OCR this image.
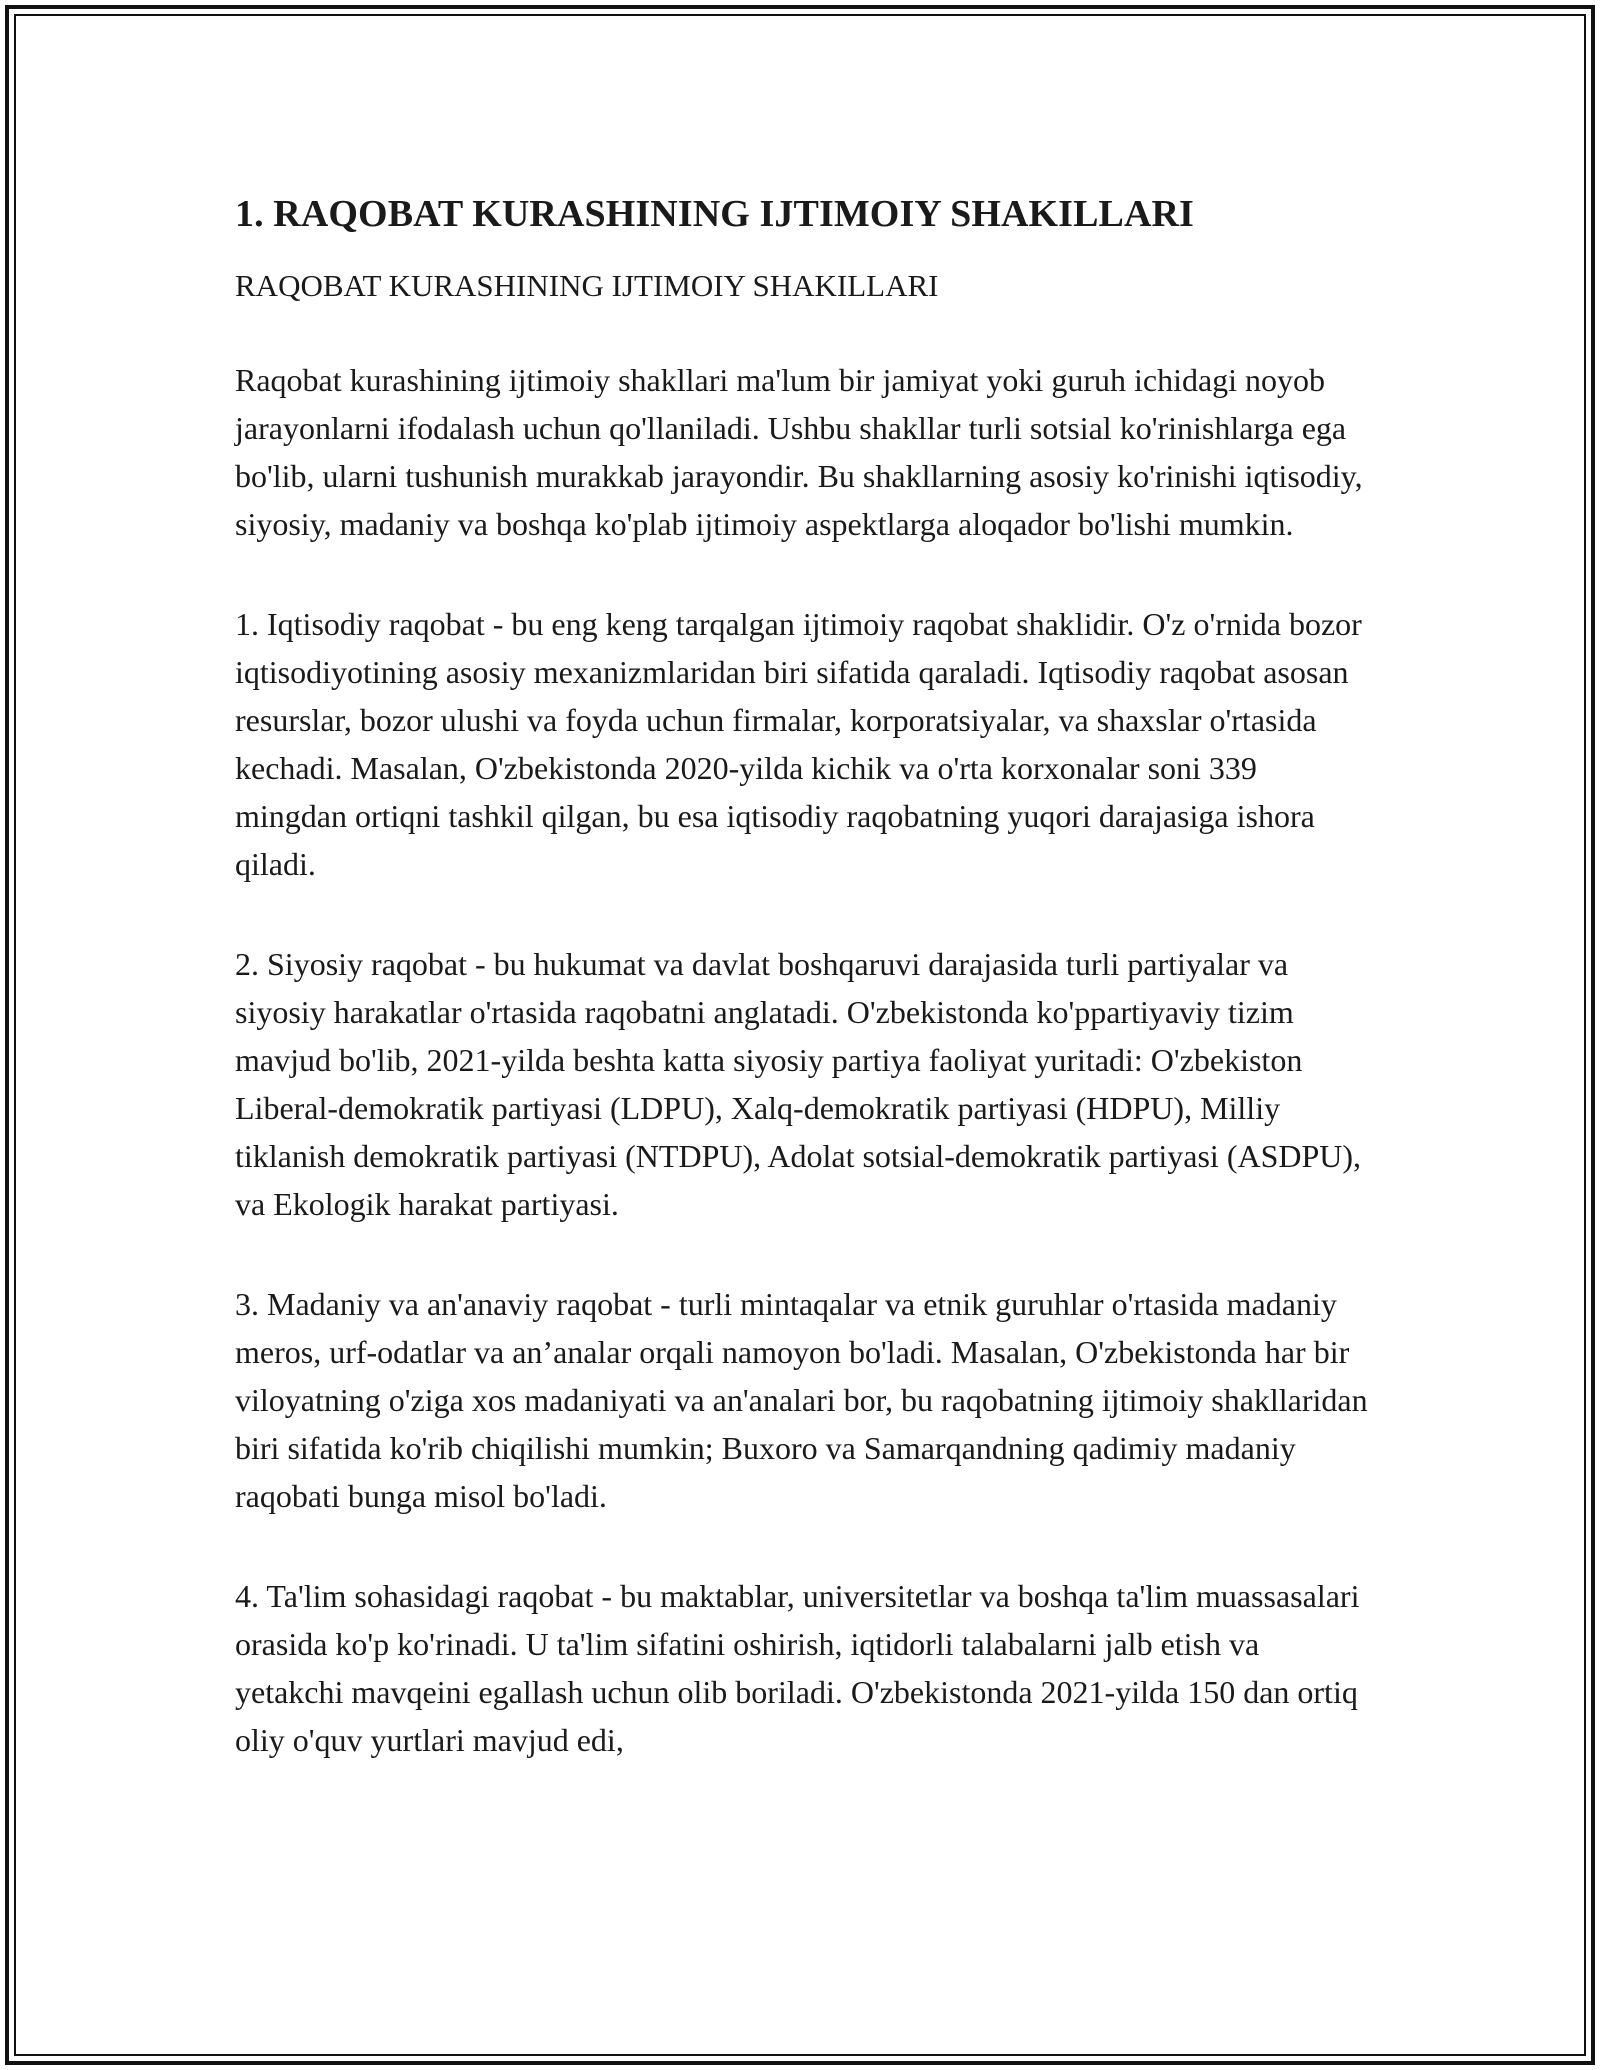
1. RAQOBAT KURASHINING IJTIMOIY SHAKILLARI

RAQOBAT KURASHINING IJTIMOIY SHAKILLARI

Raqobat kurashining ijtimoiy shakllari ma'lum bir jamiyat yoki guruh ichidagi noyob jarayonlarni ifodalash uchun qo'llaniladi. Ushbu shakllar turli sotsial ko'rinishlarga ega bo'lib, ularni tushunish murakkab jarayondir. Bu shakllarning asosiy ko'rinishi iqtisodiy, siyosiy, madaniy va boshqa ko'plab ijtimoiy aspektlarga aloqador bo'lishi mumkin.

1. Iqtisodiy raqobat - bu eng keng tarqalgan ijtimoiy raqobat shaklidir. O'z o'rnida bozor iqtisodiyotining asosiy mexanizmlaridan biri sifatida qaraladi. Iqtisodiy raqobat asosan resurslar, bozor ulushi va foyda uchun firmalar, korporatsiyalar, va shaxslar o'rtasida kechadi. Masalan, O'zbekistonda 2020-yilda kichik va o'rta korxonalar soni 339 mingdan ortiqni tashkil qilgan, bu esa iqtisodiy raqobatning yuqori darajasiga ishora qiladi.

2. Siyosiy raqobat - bu hukumat va davlat boshqaruvi darajasida turli partiyalar va siyosiy harakatlar o'rtasida raqobatni anglatadi. O'zbekistonda ko'ppartiyaviy tizim mavjud bo'lib, 2021-yilda beshta katta siyosiy partiya faoliyat yuritadi: O'zbekiston Liberal-demokratik partiyasi (LDPU), Xalq-demokratik partiyasi (HDPU), Milliy tiklanish demokratik partiyasi (NTDPU), Adolat sotsial-demokratik partiyasi (ASDPU), va Ekologik harakat partiyasi.

3. Madaniy va an'anaviy raqobat - turli mintaqalar va etnik guruhlar o'rtasida madaniy meros, urf-odatlar va an’analar orqali namoyon bo'ladi. Masalan, O'zbekistonda har bir viloyatning o'ziga xos madaniyati va an'analari bor, bu raqobatning ijtimoiy shakllaridan biri sifatida ko'rib chiqilishi mumkin; Buxoro va Samarqandning qadimiy madaniy raqobati bunga misol bo'ladi.

4. Ta'lim sohasidagi raqobat - bu maktablar, universitetlar va boshqa ta'lim muassasalari orasida ko'p ko'rinadi. U ta'lim sifatini oshirish, iqtidorli talabalarni jalb etish va yetakchi mavqeini egallash uchun olib boriladi. O'zbekistonda 2021-yilda 150 dan ortiq oliy o'quv yurtlari mavjud edi,
